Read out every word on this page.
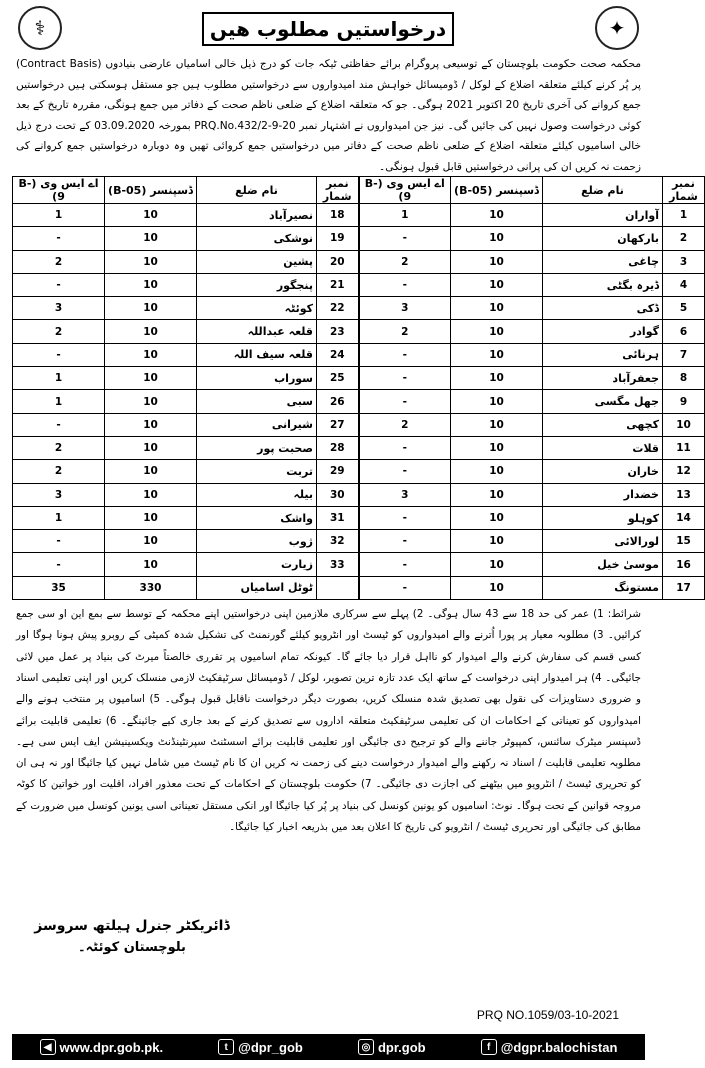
⚕	درخواستیں مطلوب ھیں	✦

محکمہ صحت حکومت بلوچستان کے توسیعی پروگرام برائے حفاظتی ٹیکہ جات کو درج ذیل خالی اسامیاں عارضی بنیادوں (Contract Basis) پر پُر کرنے کیلئے متعلقہ اضلاع کے لوکل / ڈومیسائل خواہش مند امیدواروں سے درخواستیں مطلوب ہیں جو مستقل ہوسکتی ہیں درخواستیں جمع کروانے کی آخری تاریخ 20 اکتوبر 2021 ہوگی۔ جو کہ متعلقہ اضلاع کے ضلعی ناظم صحت کے دفاتر میں جمع ہونگی، مقررہ تاریخ کے بعد کوئی درخواست وصول نہیں کی جائیں گی۔ نیز جن امیدواروں نے اشتہار نمبر PRQ.No.432/2-9-20 بمورخہ 03.09.2020 کے تحت درج ذیل خالی اسامیوں کیلئے متعلقہ اضلاع کے ضلعی ناظم صحت کے دفاتر میں درخواستیں جمع کروائی تھیں وہ دوبارہ درخواستیں جمع کروانے کی زحمت نہ کریں ان کی پرانی درخواستیں قابل قبول ہونگی۔

نمبر شمار	نام ضلع	ڈسپنسر (B-05)	اے ایس وی (B-9)	نمبر شمار	نام ضلع	ڈسپنسر (B-05)	اے ایس وی (B-9)
1	آواران	10	1	18	نصیرآباد	10	1
2	بارکھان	10	-	19	نوشکی	10	-
3	چاغی	10	2	20	پشین	10	2
4	ڈیرہ بگٹی	10	-	21	پنجگور	10	-
5	ڈکی	10	3	22	کوئٹہ	10	3
6	گوادر	10	2	23	قلعہ عبداللہ	10	2
7	ہرنائی	10	-	24	قلعہ سیف اللہ	10	-
8	جعفرآباد	10	-	25	سوراب	10	1
9	جھل مگسی	10	-	26	سبی	10	1
10	کچھی	10	2	27	شیرانی	10	-
11	قلات	10	-	28	صحبت پور	10	2
12	خاران	10	-	29	تربت	10	2
13	خضدار	10	3	30	بیلہ	10	3
14	کوہلو	10	-	31	واشک	10	1
15	لورالائی	10	-	32	ژوب	10	-
16	موسیٰ خیل	10	-	33	زیارت	10	-
17	مستونگ	10	-		ٹوٹل اسامیاں	330	35

شرائط: 1) عمر کی حد 18 سے 43 سال ہوگی۔ 2) پہلے سے سرکاری ملازمین اپنی درخواستیں اپنے محکمہ کے توسط سے بمع این او سی جمع کرائیں۔ 3) مطلوبہ معیار پر پورا اُترنے والے امیدواروں کو ٹیسٹ اور انٹرویو کیلئے گورنمنٹ کی تشکیل شدہ کمیٹی کے روبرو پیش ہونا ہوگا اور کسی قسم کی سفارش کرنے والے امیدوار کو نااہل قرار دیا جائے گا۔ کیونکہ تمام اسامیوں پر تقرری خالصتاً میرٹ کی بنیاد پر عمل میں لائی جائیگی۔ 4) ہر امیدوار اپنی درخواست کے ساتھ ایک عدد تازہ ترین تصویر، لوکل / ڈومیسائل سرٹیفکیٹ لازمی منسلک کریں اور اپنی تعلیمی اسناد و ضروری دستاویزات کی نقول بھی تصدیق شدہ منسلک کریں، بصورت دیگر درخواست ناقابل قبول ہوگی۔ 5) اسامیوں پر منتخب ہونے والے امیدواروں کو تعیناتی کے احکامات ان کی تعلیمی سرٹیفکیٹ متعلقہ اداروں سے تصدیق کرنے کے بعد جاری کیے جائینگے۔ 6) تعلیمی قابلیت برائے ڈسپنسر میٹرک سائنس، کمپیوٹر جاننے والے کو ترجیح دی جائیگی اور تعلیمی قابلیت برائے اسسٹنٹ سپرنٹینڈنٹ ویکسینیشن ایف ایس سی ہے۔ مطلوبہ تعلیمی قابلیت / اسناد نہ رکھنے والے امیدوار درخواست دینے کی زحمت نہ کریں ان کا نام ٹیسٹ میں شامل نہیں کیا جائیگا اور نہ ہی ان کو تحریری ٹیسٹ / انٹرویو میں بیٹھنے کی اجازت دی جائیگی۔ 7) حکومت بلوچستان کے احکامات کے تحت معذور افراد، اقلیت اور خواتین کا کوٹہ مروجہ قوانین کے تحت ہوگا۔ نوٹ: اسامیوں کو یونین کونسل کی بنیاد پر پُر کیا جائیگا اور انکی مستقل تعیناتی اسی یونین کونسل میں ضرورت کے مطابق کی جائیگی اور تحریری ٹیسٹ / انٹرویو کی تاریخ کا اعلان بعد میں بذریعہ اخبار کیا جائیگا۔

ڈائریکٹر جنرل ہیلتھ سروسز
بلوچستان کوئٹہ۔
PRQ NO.1059/03-10-2021
◀ www.dpr.gob.pk.	t @dpr_gob	◎ dpr.gob	f @dgpr.balochistan
